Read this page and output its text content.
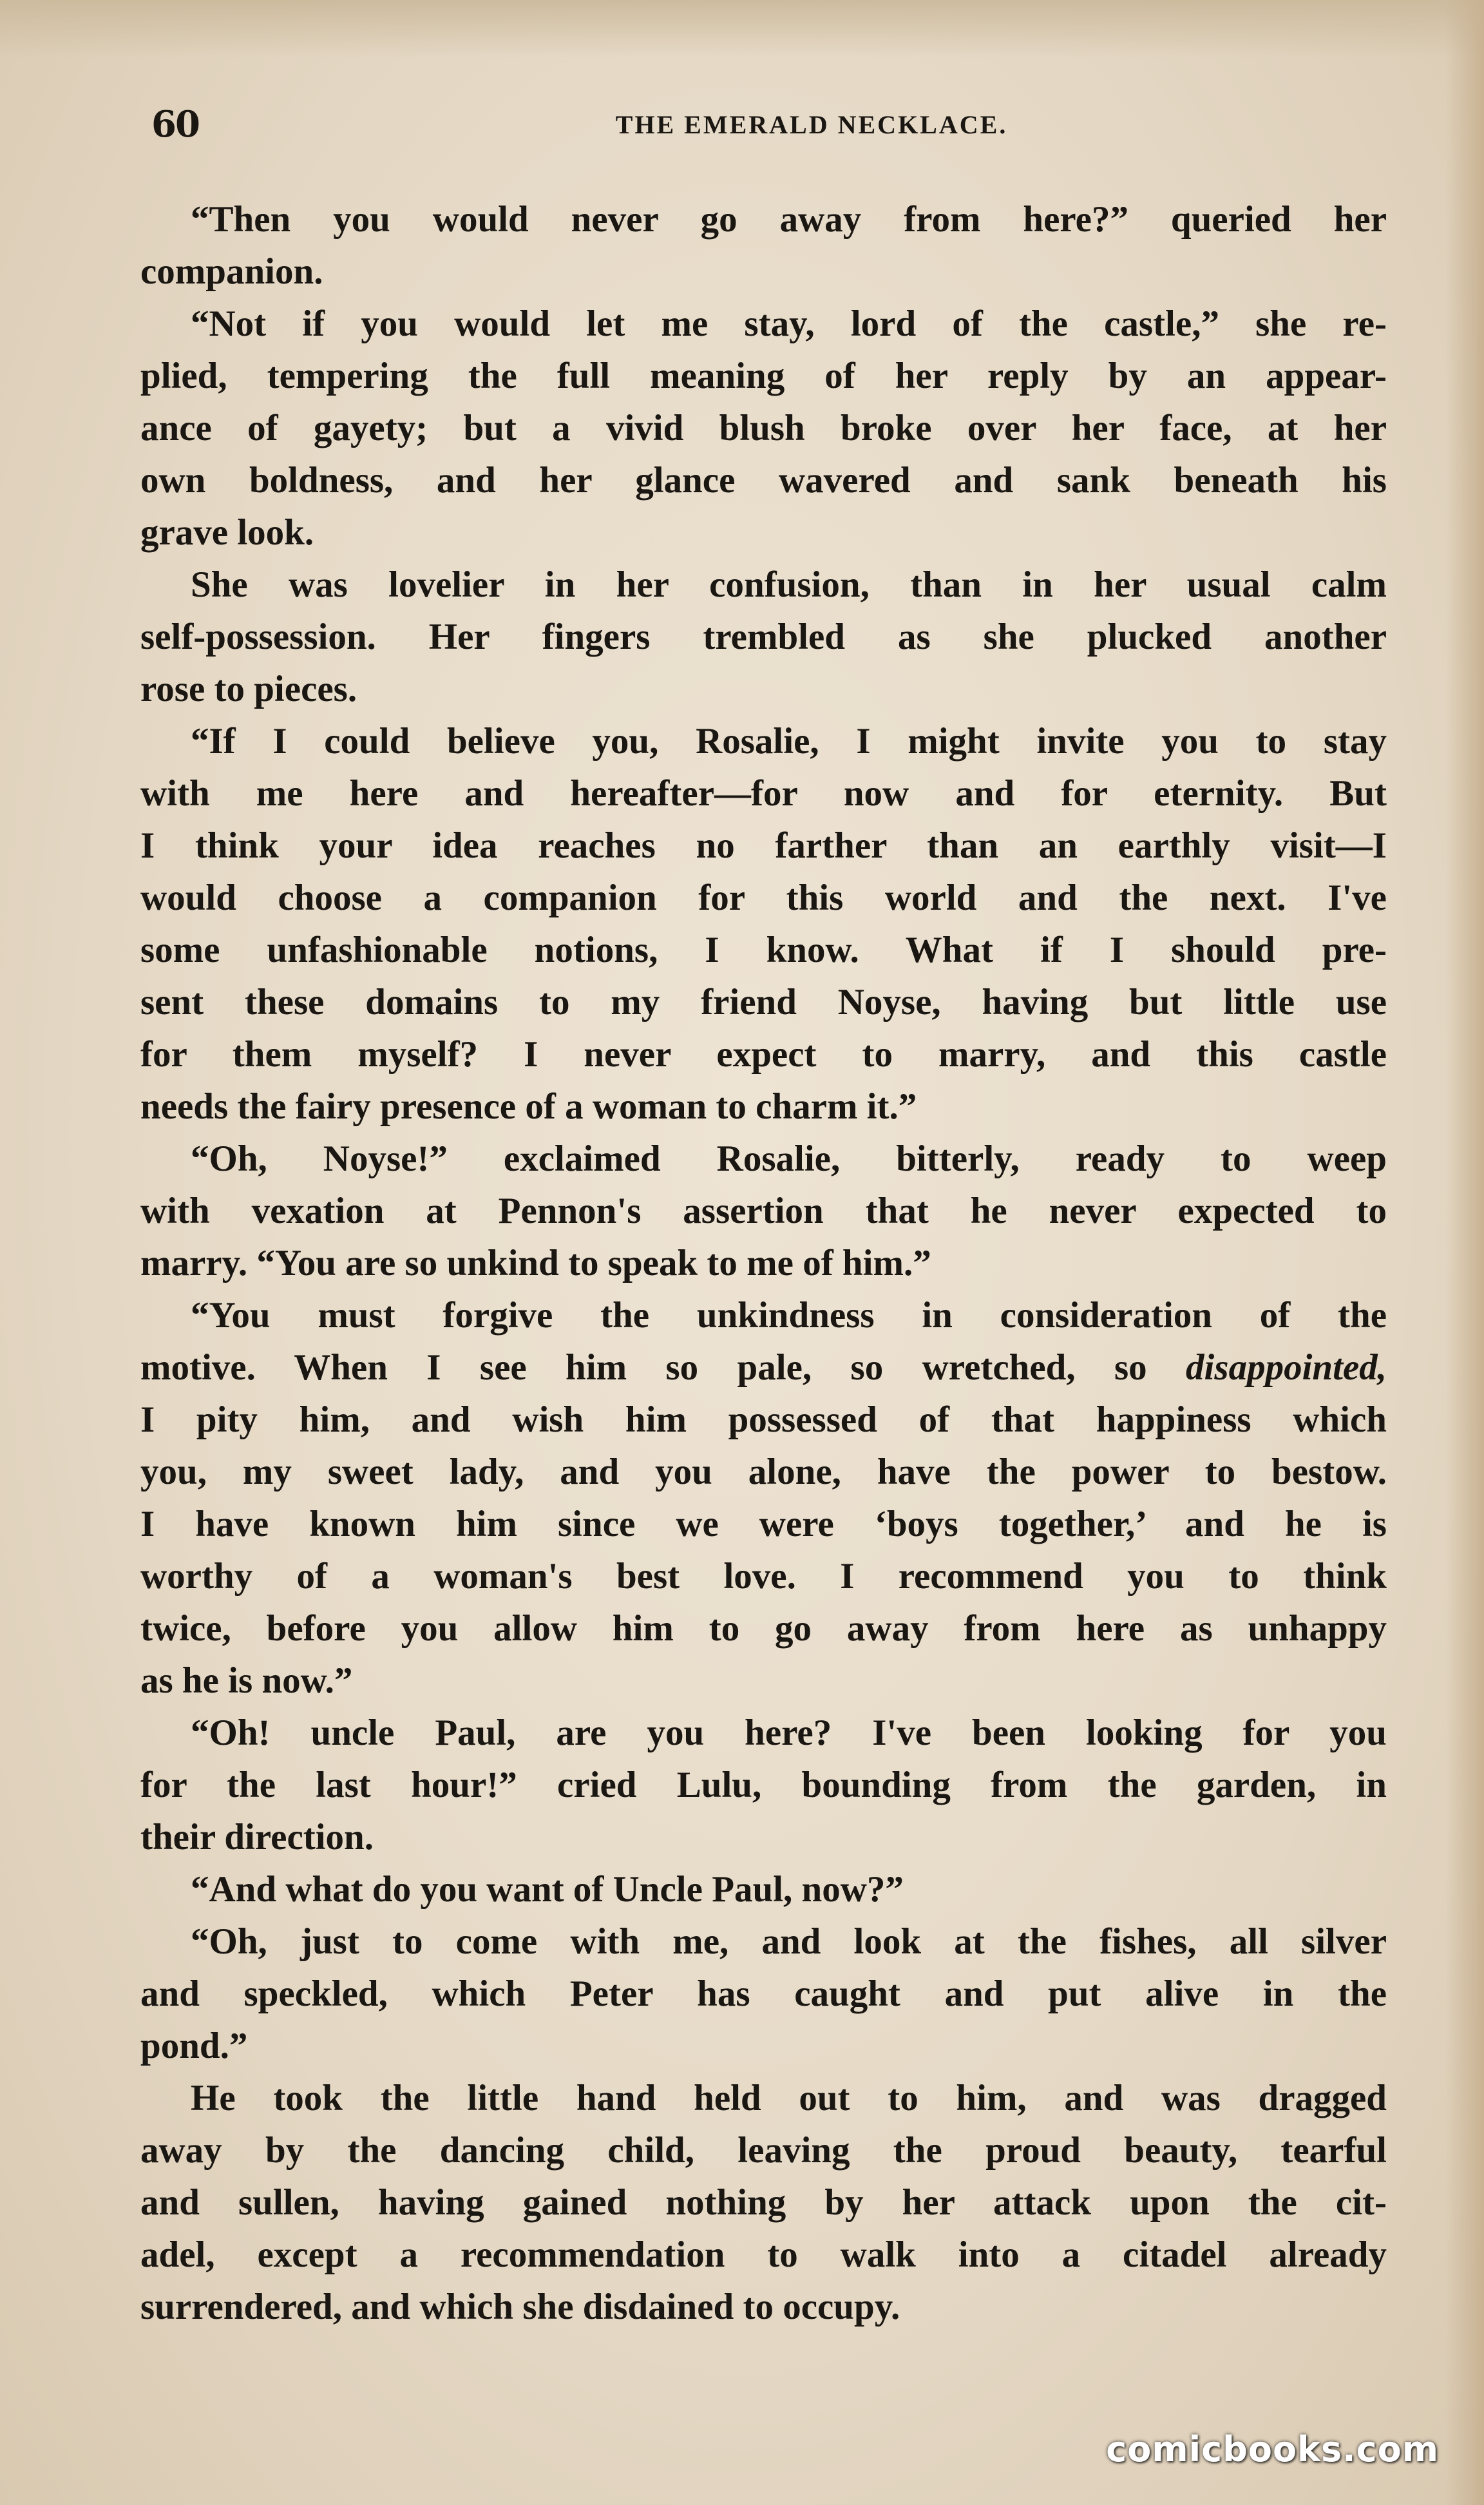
60	THE EMERALD NECKLACE.
“Then you would never go away from here?” queried her
companion.
“Not if you would let me stay, lord of the castle,” she re-
plied, tempering the full meaning of her reply by an appear-
ance of gayety; but a vivid blush broke over her face, at her
own boldness, and her glance wavered and sank beneath his
grave look.
She was lovelier in her confusion, than in her usual calm
self-possession. Her fingers trembled as she plucked another
rose to pieces.
“If I could believe you, Rosalie, I might invite you to stay
with me here and hereafter—for now and for eternity. But
I think your idea reaches no farther than an earthly visit—I
would choose a companion for this world and the next. I've
some unfashionable notions, I know. What if I should pre-
sent these domains to my friend Noyse, having but little use
for them myself? I never expect to marry, and this castle
needs the fairy presence of a woman to charm it.”
“Oh, Noyse!” exclaimed Rosalie, bitterly, ready to weep
with vexation at Pennon's assertion that he never expected to
marry. “You are so unkind to speak to me of him.”
“You must forgive the unkindness in consideration of the
motive. When I see him so pale, so wretched, so disappointed,
I pity him, and wish him possessed of that happiness which
you, my sweet lady, and you alone, have the power to bestow.
I have known him since we were ‘boys together,’ and he is
worthy of a woman's best love. I recommend you to think
twice, before you allow him to go away from here as unhappy
as he is now.”
“Oh! uncle Paul, are you here? I've been looking for you
for the last hour!” cried Lulu, bounding from the garden, in
their direction.
“And what do you want of Uncle Paul, now?”
“Oh, just to come with me, and look at the fishes, all silver
and speckled, which Peter has caught and put alive in the
pond.”
He took the little hand held out to him, and was dragged
away by the dancing child, leaving the proud beauty, tearful
and sullen, having gained nothing by her attack upon the cit-
adel, except a recommendation to walk into a citadel already
surrendered, and which she disdained to occupy.
comicbooks.com
